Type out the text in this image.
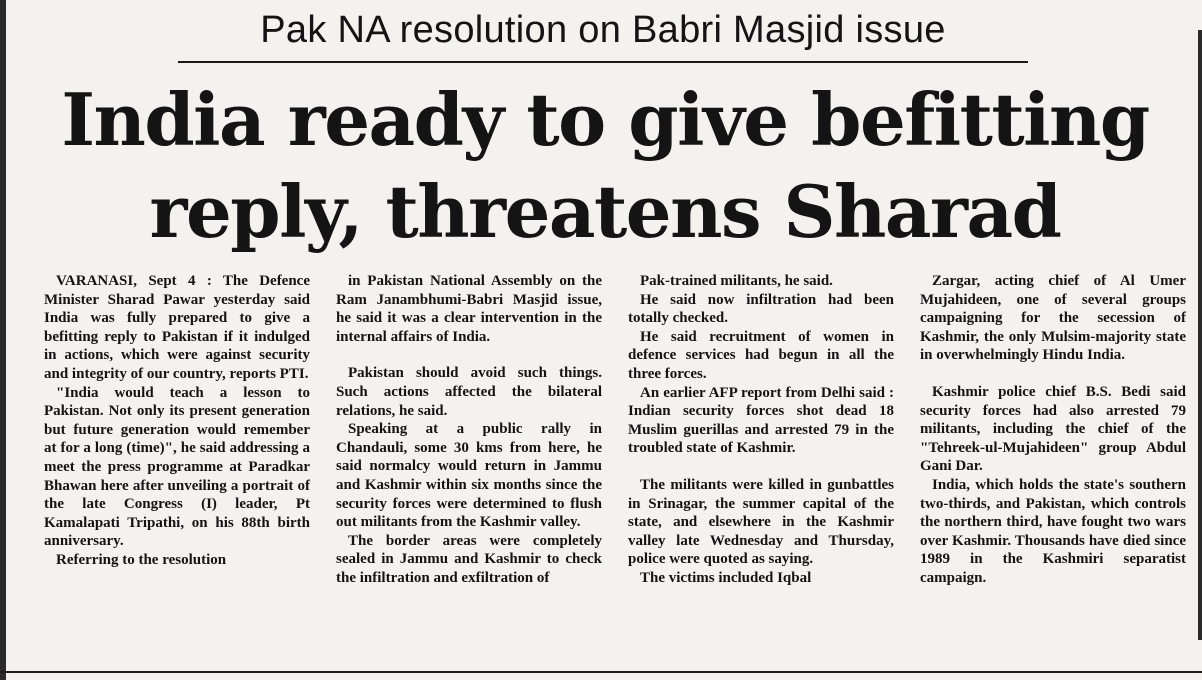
Pak NA resolution on Babri Masjid issue
India ready to give befitting reply, threatens Sharad

VARANASI, Sept 4 : The Defence Minister Sharad Pawar yesterday said India was fully prepared to give a befitting reply to Pakistan if it indulged in actions, which were against security and integrity of our country, reports PTI.

"India would teach a lesson to Pakistan. Not only its present generation but future generation would remember at for a long (time)", he said addressing a meet the press programme at Paradkar Bhawan here after unveiling a portrait of the late Congress (I) leader, Pt Kamalapati Tripathi, on his 88th birth anniversary.

Referring to the resolution

in Pakistan National Assembly on the Ram Janambhumi-Babri Masjid issue, he said it was a clear intervention in the internal affairs of India.

Pakistan should avoid such things. Such actions affected the bilateral relations, he said.

Speaking at a public rally in Chandauli, some 30 kms from here, he said normalcy would return in Jammu and Kashmir within six months since the security forces were determined to flush out militants from the Kashmir valley.

The border areas were completely sealed in Jammu and Kashmir to check the infiltration and exfiltration of

Pak-trained militants, he said.

He said now infiltration had been totally checked.

He said recruitment of women in defence services had begun in all the three forces.

An earlier AFP report from Delhi said : Indian security forces shot dead 18 Muslim guerillas and arrested 79 in the troubled state of Kashmir.

The militants were killed in gunbattles in Srinagar, the summer capital of the state, and elsewhere in the Kashmir valley late Wednesday and Thursday, police were quoted as saying.

The victims included Iqbal

Zargar, acting chief of Al Umer Mujahideen, one of several groups campaigning for the secession of Kashmir, the only Mulsim-majority state in overwhelmingly Hindu India.

Kashmir police chief B.S. Bedi said security forces had also arrested 79 militants, including the chief of the "Tehreek-ul-Mujahideen" group Abdul Gani Dar.

India, which holds the state's southern two-thirds, and Pakistan, which controls the northern third, have fought two wars over Kashmir. Thousands have died since 1989 in the Kashmiri separatist campaign.
